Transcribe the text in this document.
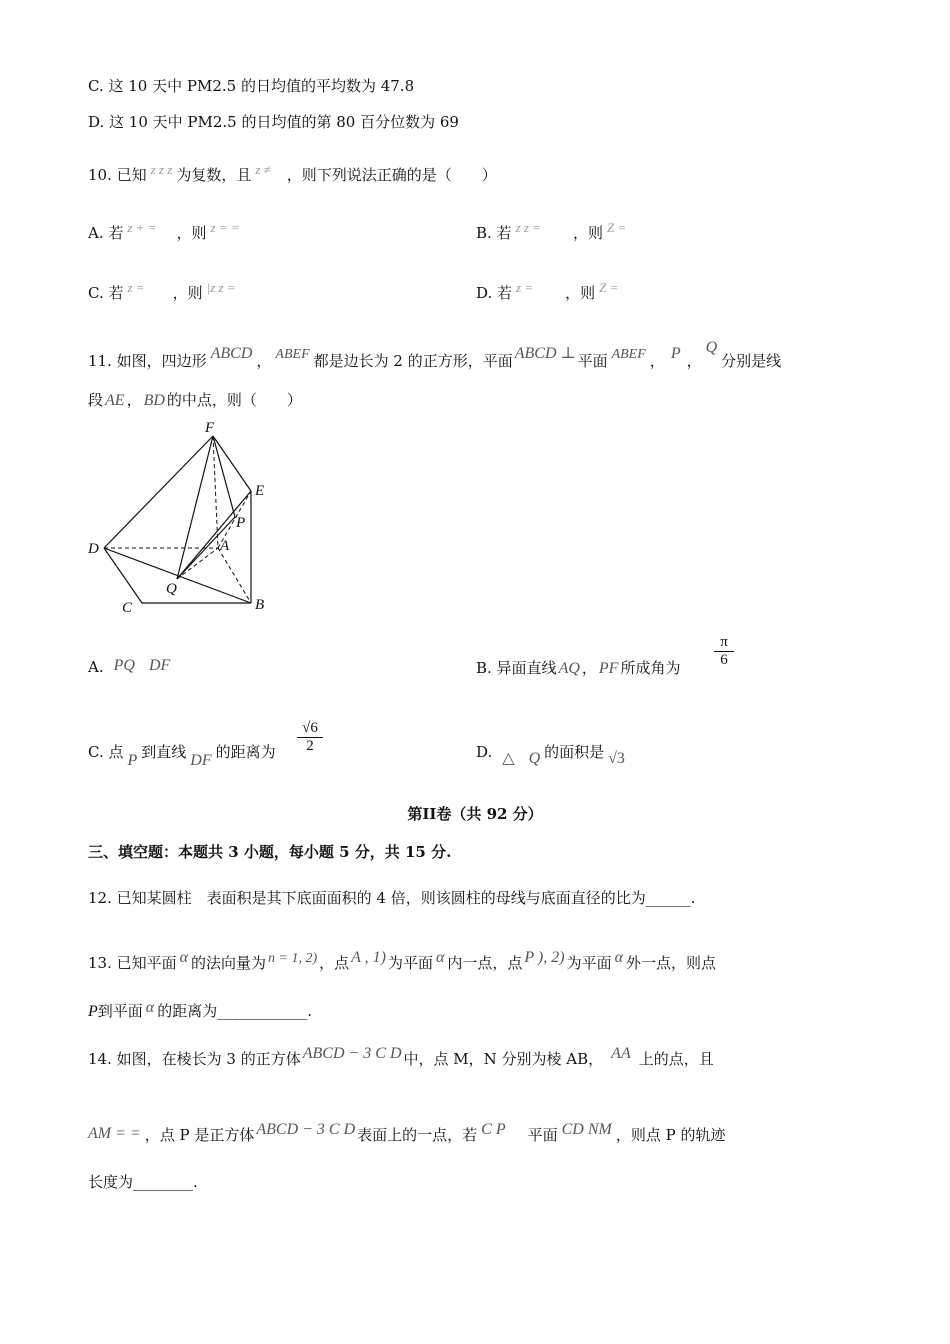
C. 这 10 天中 PM2.5 的日均值的平均数为 47.8
D. 这 10 天中 PM2.5 的日均值的第 80 百分位数为 69
10. 已知 z z z 为复数，且 z ≠ ，则下列说法正确的是（　　）
A. 若 z + = ，则 z = =	B. 若 z z = ，则 Z =
C. 若 z = ，则 |z z =	D. 若 z = ，则 Z =
11. 如图，四边形 ABCD ， ABEF 都是边长为 2 的正方形，平面 ABCD ⊥ 平面 ABEF ， P ，Q分别是线
段 AE ， BD 的中点，则（　　）
F
E
P
A
D
Q
C	B
A. PQ DF	B. 异面直线 AQ ， PF 所成角为
π
6
C. 点 P 到直线 DF 的距离为
√6
2	D. △ Q 的面积是 √3
第II卷（共 92 分）
三、填空题：本题共 3 小题，每小题 5 分，共 15 分.
12. 已知某圆柱　表面积是其下底面面积的 4 倍，则该圆柱的母线与底面直径的比为______.
13. 已知平面 α 的法向量为 n = 1, 2) ，点 A , 1) 为平面 α 内一点，点 P ), 2) 为平面 α 外一点，则点
P到平面 α 的距离为____________.
14. 如图，在棱长为 3 的正方体 ABCD − 3 C D 中，点 M，N 分别为棱 AB， AA 上的点，且
AM = = ，点 P 是正方体 ABCD − 3 C D 表面上的一点，若 C P 平面 CD NM ，则点 P 的轨迹
长度为________.
